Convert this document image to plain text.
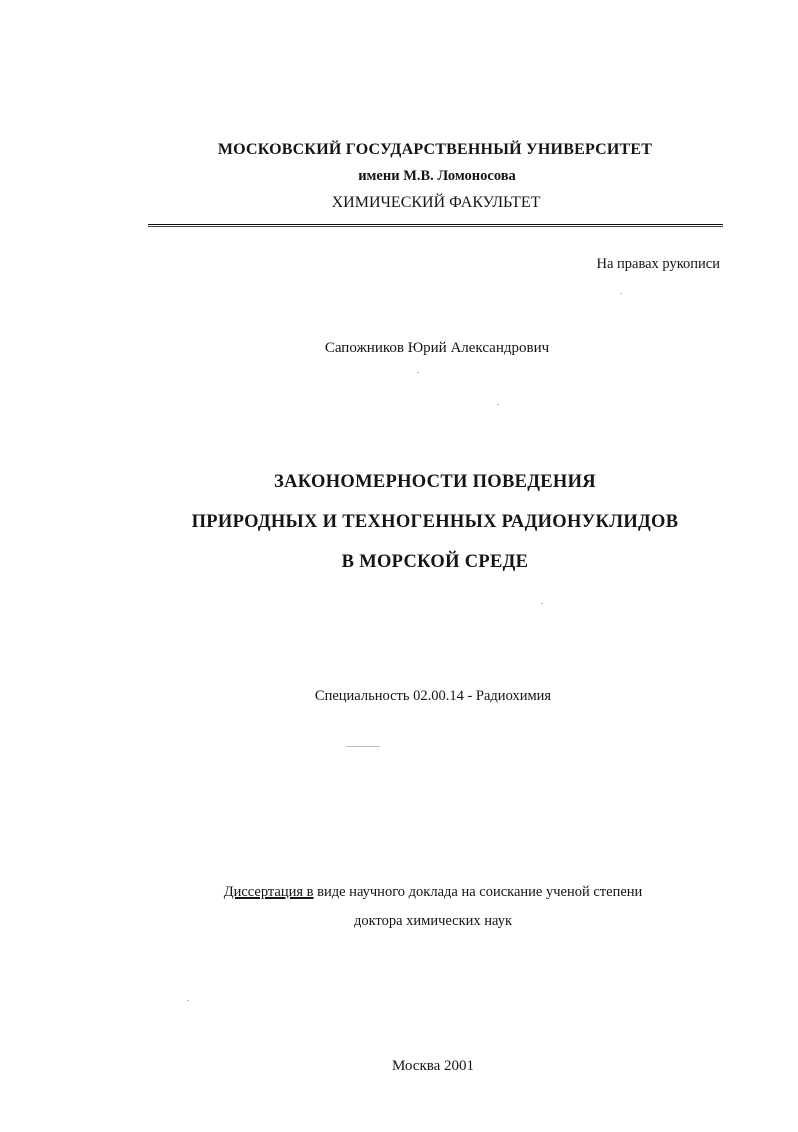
МОСКОВСКИЙ ГОСУДАРСТВЕННЫЙ УНИВЕРСИТЕТ
имени М.В. Ломоносова
ХИМИЧЕСКИЙ ФАКУЛЬТЕТ
На правах рукописи
Сапожников Юрий Александрович
ЗАКОНОМЕРНОСТИ ПОВЕДЕНИЯ
ПРИРОДНЫХ И ТЕХНОГЕННЫХ РАДИОНУКЛИДОВ
В МОРСКОЙ СРЕДЕ
Специальность 02.00.14 - Радиохимия
Диссертация в виде научного доклада на соискание ученой степени
доктора химических наук
Москва 2001
